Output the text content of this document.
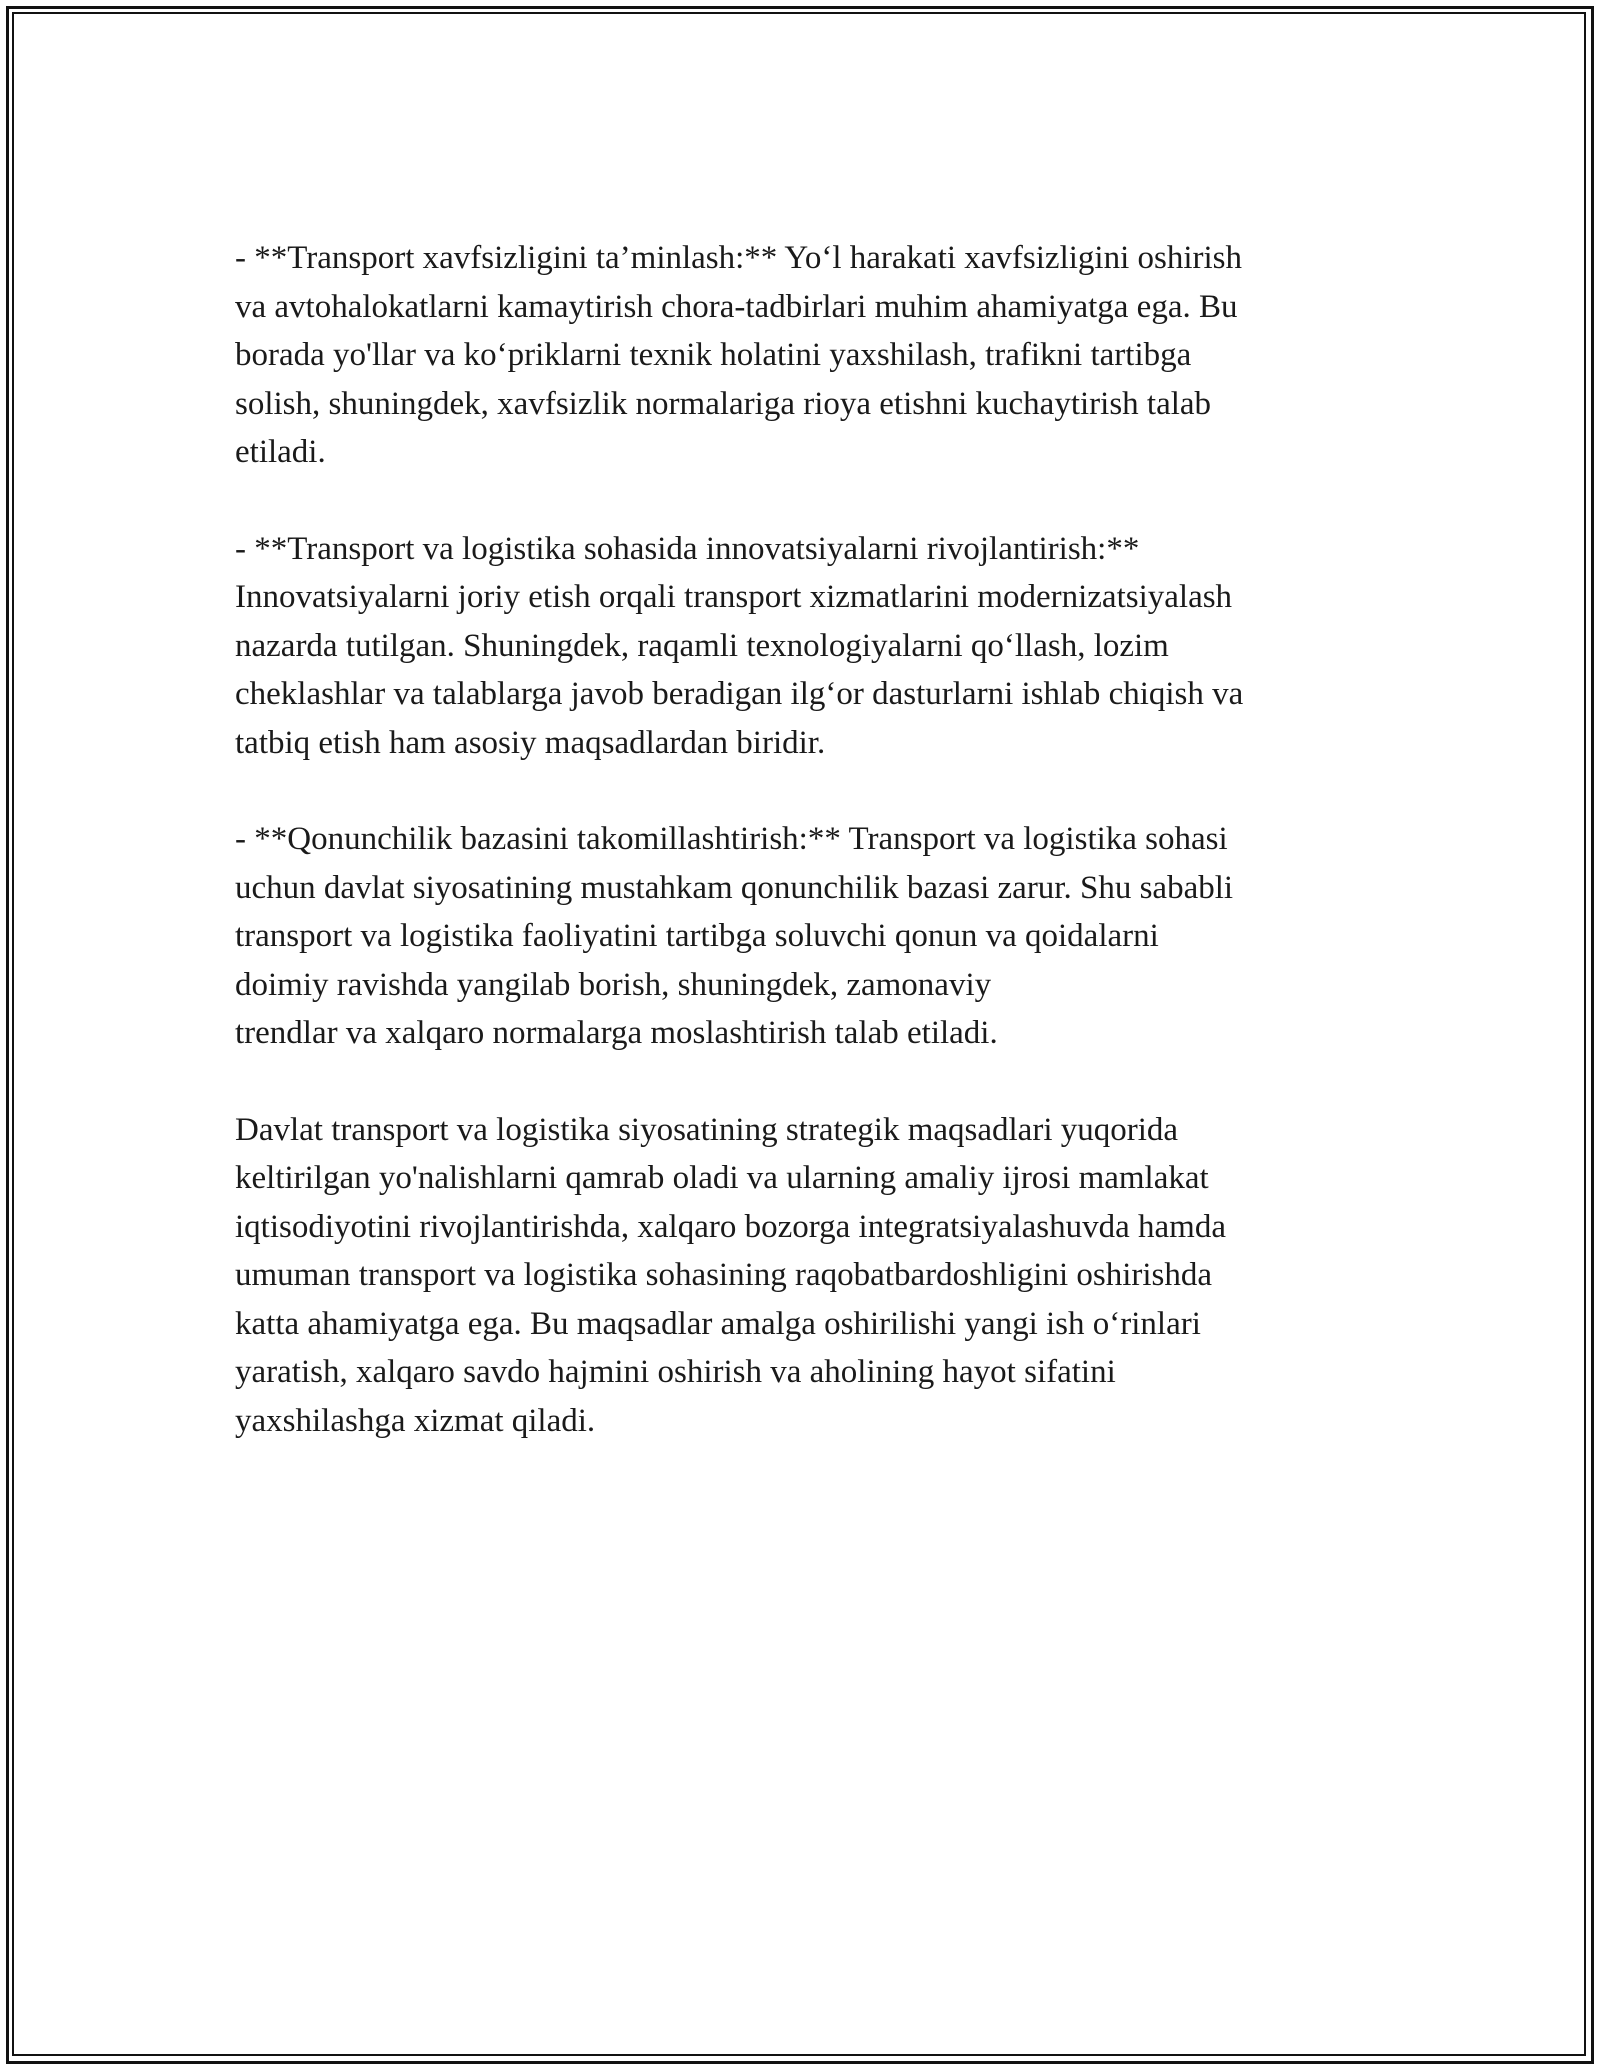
- **Transport xavfsizligini ta’minlash:** Yo‘l harakati xavfsizligini oshirish
va avtohalokatlarni kamaytirish chora-tadbirlari muhim ahamiyatga ega. Bu
borada yo'llar va ko‘priklarni texnik holatini yaxshilash, trafikni tartibga
solish, shuningdek, xavfsizlik normalariga rioya etishni kuchaytirish talab
etiladi.

- **Transport va logistika sohasida innovatsiyalarni rivojlantirish:**
Innovatsiyalarni joriy etish orqali transport xizmatlarini modernizatsiyalash
nazarda tutilgan. Shuningdek, raqamli texnologiyalarni qo‘llash, lozim
cheklashlar va talablarga javob beradigan ilg‘or dasturlarni ishlab chiqish va
tatbiq etish ham asosiy maqsadlardan biridir.

- **Qonunchilik bazasini takomillashtirish:** Transport va logistika sohasi
uchun davlat siyosatining mustahkam qonunchilik bazasi zarur. Shu sababli
transport va logistika faoliyatini tartibga soluvchi qonun va qoidalarni
doimiy ravishda yangilab borish, shuningdek, zamonaviy
trendlar va xalqaro normalarga moslashtirish talab etiladi.

Davlat transport va logistika siyosatining strategik maqsadlari yuqorida
keltirilgan yo'nalishlarni qamrab oladi va ularning amaliy ijrosi mamlakat
iqtisodiyotini rivojlantirishda, xalqaro bozorga integratsiyalashuvda hamda
umuman transport va logistika sohasining raqobatbardoshligini oshirishda
katta ahamiyatga ega. Bu maqsadlar amalga oshirilishi yangi ish o‘rinlari
yaratish, xalqaro savdo hajmini oshirish va aholining hayot sifatini
yaxshilashga xizmat qiladi.
